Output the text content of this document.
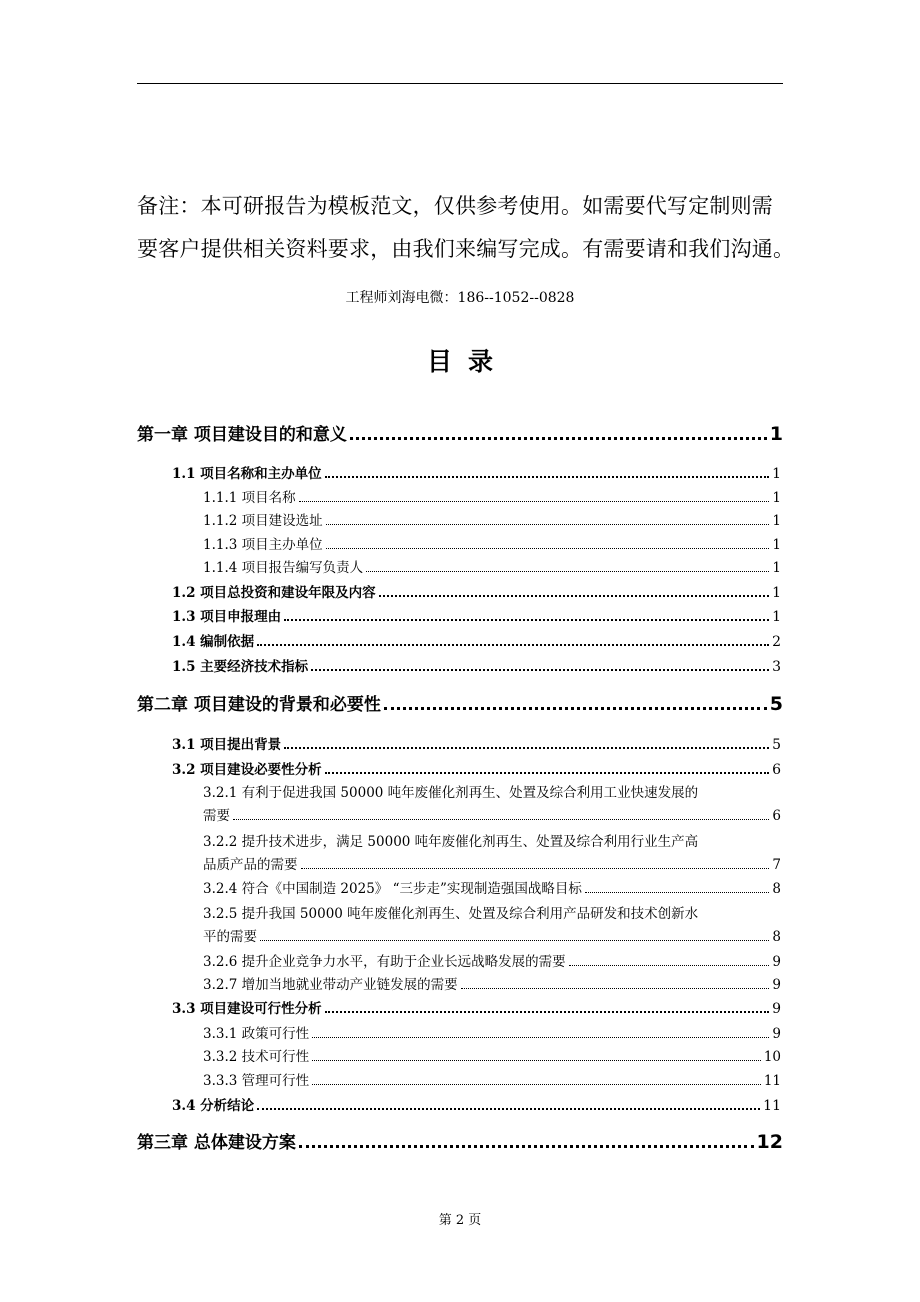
备注：本可研报告为模板范文，仅供参考使用。如需要代写定制则需
要客户提供相关资料要求，由我们来编写完成。有需要请和我们沟通。
工程师刘海电微：186--1052--0828
目录
第一章 项目建设目的和意义	1
1.1 项目名称和主办单位	1
1.1.1 项目名称	1
1.1.2 项目建设选址	1
1.1.3 项目主办单位	1
1.1.4 项目报告编写负责人	1
1.2 项目总投资和建设年限及内容	1
1.3 项目申报理由	1
1.4 编制依据	2
1.5 主要经济技术指标	3
第二章 项目建设的背景和必要性	5
3.1 项目提出背景	5
3.2 项目建设必要性分析	6
3.2.1 有利于促进我国 50000 吨年废催化剂再生、处置及综合利用工业快速发展的
需要	6
3.2.2 提升技术进步，满足 50000 吨年废催化剂再生、处置及综合利用行业生产高
品质产品的需要	7
3.2.4 符合《中国制造 2025》 “三步走”实现制造强国战略目标	8
3.2.5 提升我国 50000 吨年废催化剂再生、处置及综合利用产品研发和技术创新水
平的需要	8
3.2.6 提升企业竞争力水平，有助于企业长远战略发展的需要	9
3.2.7 增加当地就业带动产业链发展的需要	9
3.3 项目建设可行性分析	9
3.3.1 政策可行性	9
3.3.2 技术可行性	10
3.3.3 管理可行性	11
3.4 分析结论	11
第三章 总体建设方案	12
第 2 页
